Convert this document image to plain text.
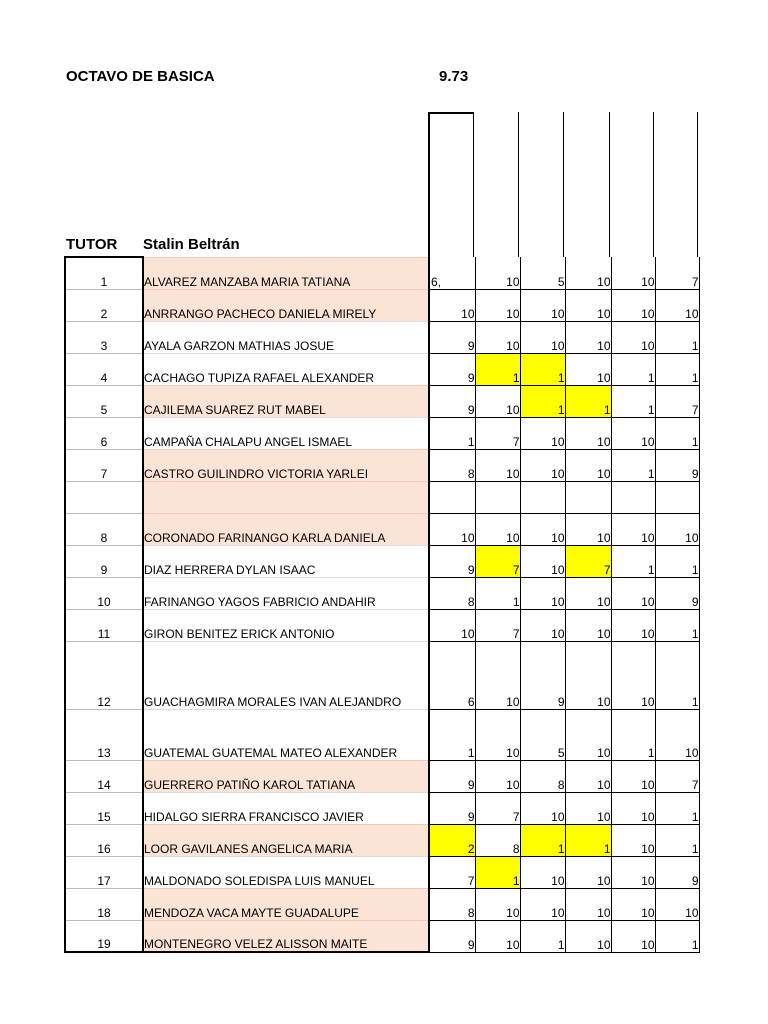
OCTAVO DE BASICA	9.73
TUTOR Stalin Beltrán
1	ALVAREZ MANZABA MARIA TATIANA	6,	10	5	10	10	7
2	ANRRANGO PACHECO DANIELA MIRELY	10	10	10	10	10	10
3	AYALA GARZON MATHIAS JOSUE	9	10	10	10	10	1
4	CACHAGO TUPIZA RAFAEL ALEXANDER	9	1	1	10	1	1
5	CAJILEMA SUAREZ RUT MABEL	9	10	1	1	1	7
6	CAMPAÑA CHALAPU ANGEL ISMAEL	1	7	10	10	10	1
7	CASTRO GUILINDRO VICTORIA YARLEI	8	10	10	10	1	9

8	CORONADO FARINANGO KARLA DANIELA	10	10	10	10	10	10
9	DIAZ HERRERA DYLAN ISAAC	9	7	10	7	1	1
10	FARINANGO YAGOS FABRICIO ANDAHIR	8	1	10	10	10	9
11	GIRON BENITEZ ERICK ANTONIO	10	7	10	10	10	1
12	GUACHAGMIRA MORALES IVAN ALEJANDRO	6	10	9	10	10	1
13	GUATEMAL GUATEMAL MATEO ALEXANDER	1	10	5	10	1	10
14	GUERRERO PATIÑO KAROL TATIANA	9	10	8	10	10	7
15	HIDALGO SIERRA FRANCISCO JAVIER	9	7	10	10	10	1
16	LOOR GAVILANES ANGELICA MARIA	2	8	1	1	10	1
17	MALDONADO SOLEDISPA LUIS MANUEL	7	1	10	10	10	9
18	MENDOZA VACA MAYTE GUADALUPE	8	10	10	10	10	10
19	MONTENEGRO VELEZ ALISSON MAITE	9	10	1	10	10	1
